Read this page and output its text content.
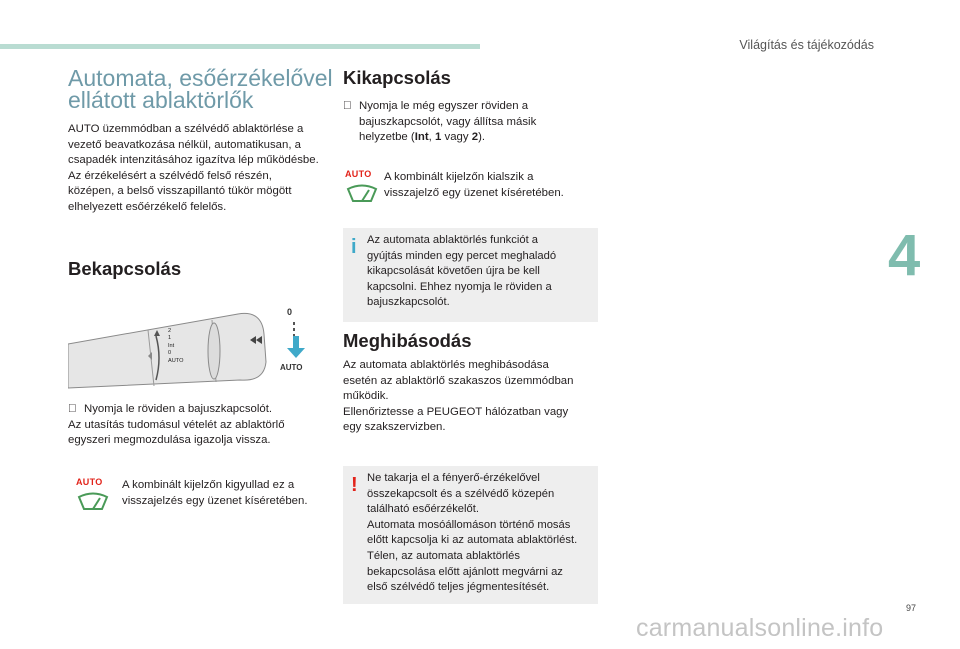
Világítás és tájékozódás
4
Automata, esőérzékelővel
ellátott ablaktörlők

AUTO üzemmódban a szélvédő ablaktörlése a
vezető beavatkozása nélkül, automatikusan, a
csapadék intenzitásához igazítva lép működésbe.
Az érzékelésért a szélvédő felső részén,
középen, a belső visszapillantó tükör mögött
elhelyezett esőérzékelő felelős.

Bekapcsolás
0
AUTO
2
1
Int
0
AUTO

Nyomja le röviden a bajuszkapcsolót.
Az utasítás tudomásul vételét az ablaktörlő
egyszeri megmozdulása igazolja vissza.

AUTO	A kombinált kijelzőn kigyullad ez a
visszajelzés egy üzenet kíséretében.

Kikapcsolás

Nyomja le még egyszer röviden a
bajuszkapcsolót, vagy állítsa másik
helyzetbe (Int, 1 vagy 2).

AUTO	A kombinált kijelzőn kialszik a
visszajelző egy üzenet kíséretében.

i Az automata ablaktörlés funkciót a
gyújtás minden egy percet meghaladó
kikapcsolását követően újra be kell
kapcsolni. Ehhez nyomja le röviden a
bajuszkapcsolót.

Meghibásodás

Az automata ablaktörlés meghibásodása
esetén az ablaktörlő szakaszos üzemmódban
működik.
Ellenőriztesse a PEUGEOT hálózatban vagy
egy szakszervizben.

! Ne takarja el a fényerő-érzékelővel
összekapcsolt és a szélvédő közepén
található esőérzékelőt.
Automata mosóállomáson történő mosás
előtt kapcsolja ki az automata ablaktörlést.
Télen, az automata ablaktörlés
bekapcsolása előtt ajánlott megvárni az
első szélvédő teljes jégmentesítését.

97
carmanualsonline.info
